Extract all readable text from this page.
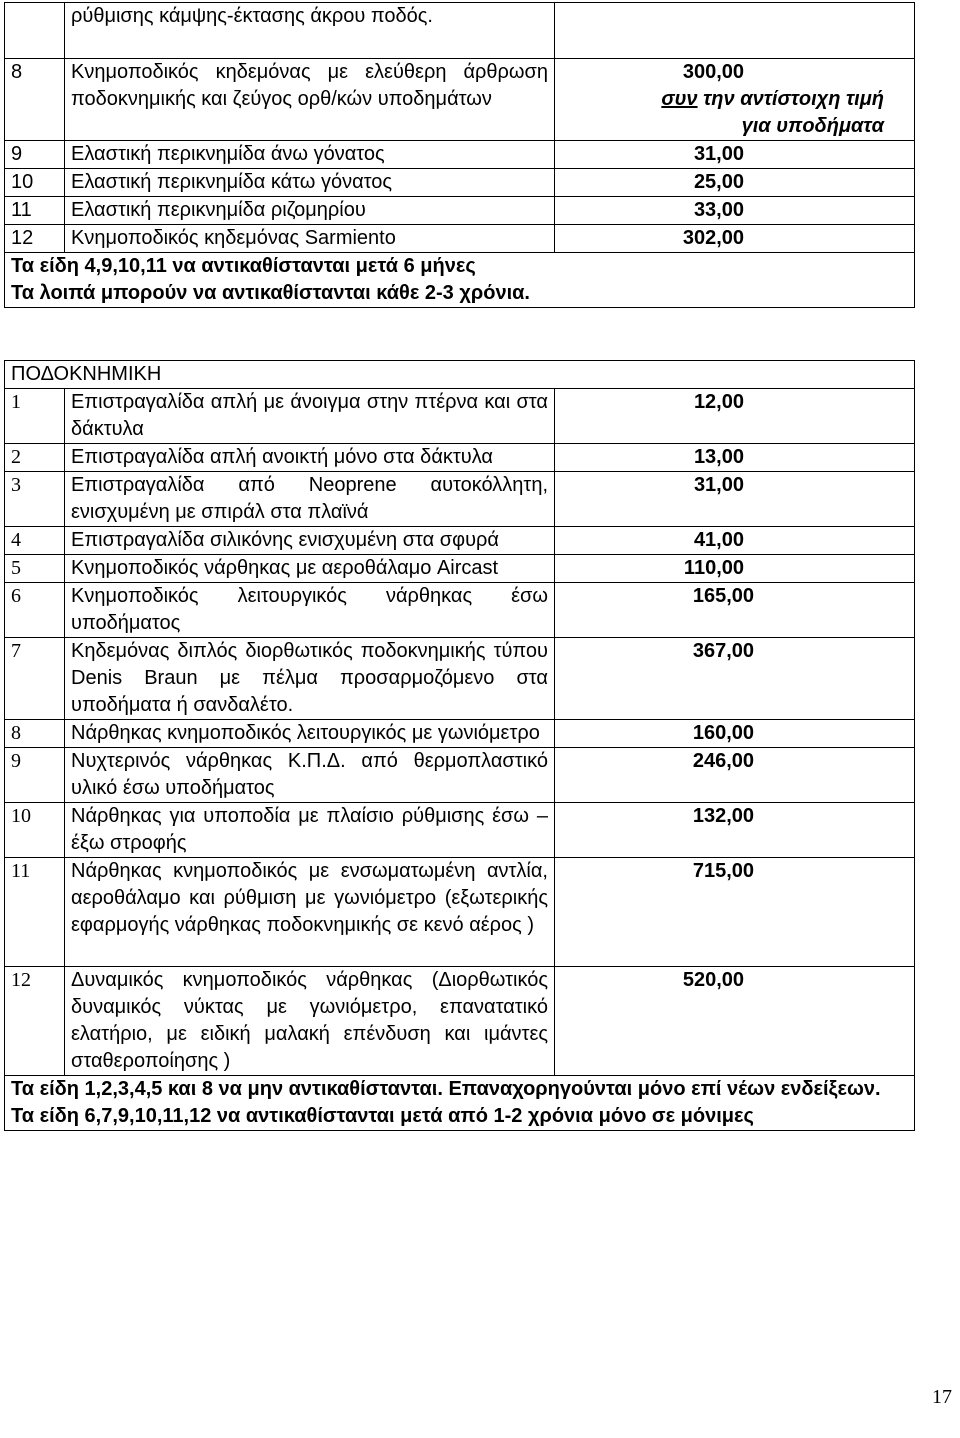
	ρύθμισης κάμψης-έκτασης άκρου ποδός.	
8	Κνημοποδικός κηδεμόνας με ελεύθερη άρθρωση ποδοκνημικής και ζεύγος ορθ/κών υποδημάτων	300,00
συν την αντίστοιχη τιμή
για υποδήματα
9	Ελαστική περικνημίδα άνω γόνατος	31,00
10	Ελαστική περικνημίδα κάτω γόνατος	25,00
11	Ελαστική περικνημίδα ριζομηρίου	33,00
12	Κνημοποδικός κηδεμόνας Sarmiento	302,00

Τα είδη 4,9,10,11 να αντικαθίστανται μετά 6 μήνες
Τα λοιπά μπορούν να αντικαθίστανται κάθε 2-3 χρόνια.		
ΠΟΔΟΚΝΗΜΙΚΗ		
1	Επιστραγαλίδα απλή με άνοιγμα στην πτέρνα και στα δάκτυλα	12,00
2	Επιστραγαλίδα απλή ανοικτή μόνο στα δάκτυλα	13,00
3	Επιστραγαλίδα από Neoprene αυτοκόλλητη, ενισχυμένη με σπιράλ στα πλαϊνά	31,00
4	Επιστραγαλίδα σιλικόνης ενισχυμένη στα σφυρά	41,00
5	Κνημοποδικός νάρθηκας με αεροθάλαμο Aircast	110,00
6	Κνημοποδικός λειτουργικός νάρθηκας έσω υποδήματος	165,00
7	Κηδεμόνας διπλός διορθωτικός ποδοκνημικής τύπου Denis Braun με πέλμα προσαρμοζόμενο στα υποδήματα ή σανδαλέτο.	367,00
8	Νάρθηκας κνημοποδικός λειτουργικός με γωνιόμετρο	160,00
9	Νυχτερινός νάρθηκας Κ.Π.Δ. από θερμοπλαστικό υλικό έσω υποδήματος	246,00
10	Νάρθηκας για υποποδία με πλαίσιο ρύθμισης έσω – έξω στροφής	132,00
11	Νάρθηκας κνημοποδικός με ενσωματωμένη αντλία, αεροθάλαμο και ρύθμιση με γωνιόμετρο (εξωτερικής εφαρμογής νάρθηκας ποδοκνημικής σε κενό αέρος )	715,00
12	Δυναμικός κνημοποδικός νάρθηκας (Διορθωτικός δυναμικός νύκτας με γωνιόμετρο, επανατατικό ελατήριο, με ειδική μαλακή επένδυση και ιμάντες σταθεροποίησης )	520,00

Τα είδη 1,2,3,4,5 και 8 να μην αντικαθίστανται. Επαναχορηγούνται μόνο επί νέων ενδείξεων.
Τα είδη 6,7,9,10,11,12 να αντικαθίστανται μετά από 1-2 χρόνια μόνο σε μόνιμες		
17
